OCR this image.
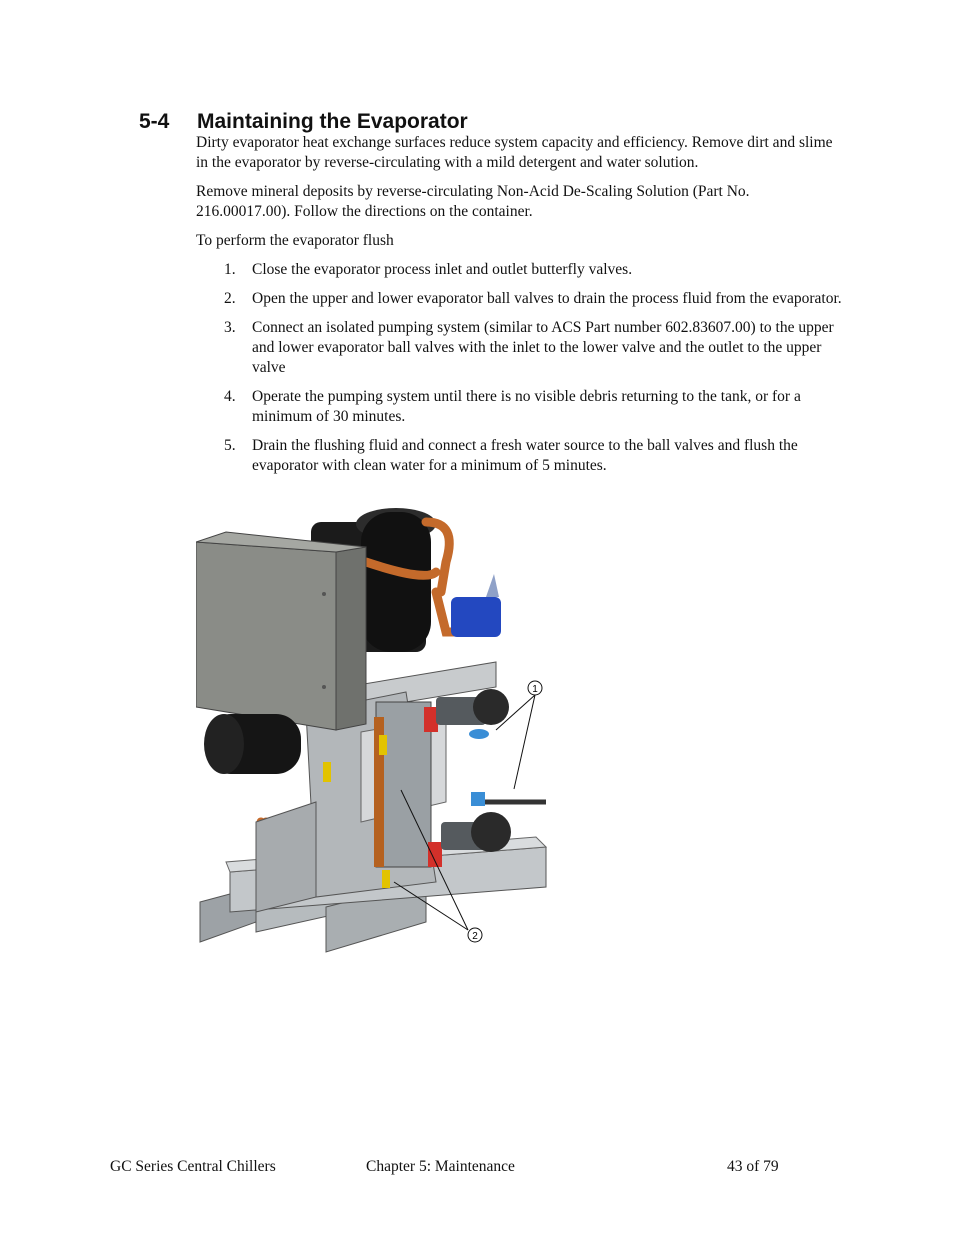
5-4 Maintaining the Evaporator

Dirty evaporator heat exchange surfaces reduce system capacity and efficiency. Remove dirt and slime in the evaporator by reverse-circulating with a mild detergent and water solution.

Remove mineral deposits by reverse-circulating Non-Acid De-Scaling Solution (Part No. 216.00017.00). Follow the directions on the container.

To perform the evaporator flush

1. Close the evaporator process inlet and outlet butterfly valves.
2. Open the upper and lower evaporator ball valves to drain the process fluid from the evaporator.
3. Connect an isolated pumping system (similar to ACS Part number 602.83607.00) to the upper and lower evaporator ball valves with the inlet to the lower valve and the outlet to the upper valve
4. Operate the pumping system until there is no visible debris returning to the tank, or for a minimum of 30 minutes.
5. Drain the flushing fluid and connect a fresh water source to the ball valves and flush the evaporator with clean water for a minimum of 5 minutes.
1
2
GC Series Central Chillers	Chapter 5: Maintenance	43 of 79
